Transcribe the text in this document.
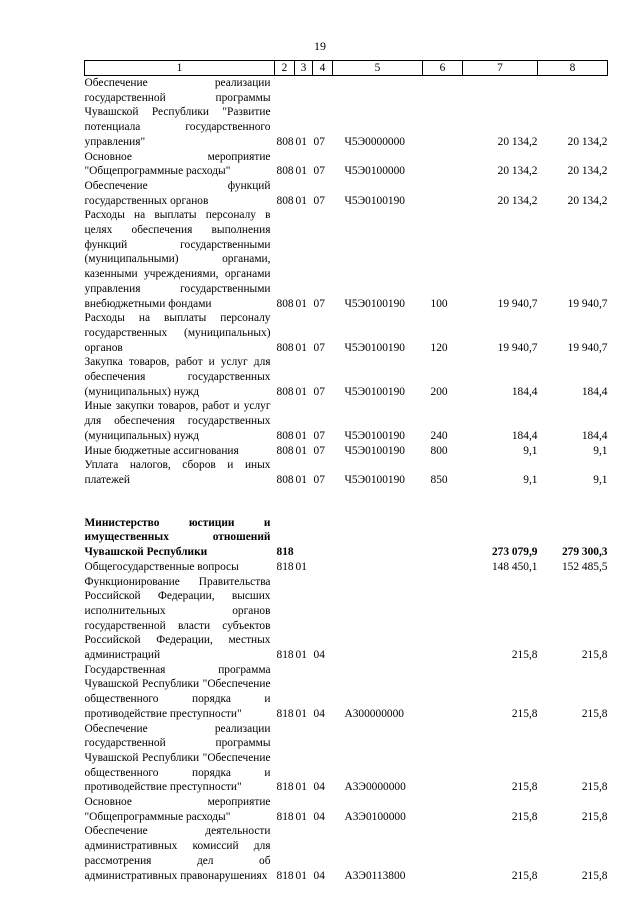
19
1	2	3	4	5	6	7	8
Обеспечение реализации государственной программы Чувашской Республики "Развитие потенциала государственного управления"	808	01	07	Ч5Э0000000		20 134,2	20 134,2
Основное мероприятие "Общепрограммные расходы"	808	01	07	Ч5Э0100000		20 134,2	20 134,2
Обеспечение функций государственных органов	808	01	07	Ч5Э0100190		20 134,2	20 134,2
Расходы на выплаты персоналу в целях обеспечения выполнения функций государственными (муниципальными) органами, казенными учреждениями, органами управления государственными внебюджетными фондами	808	01	07	Ч5Э0100190	100	19 940,7	19 940,7
Расходы на выплаты персоналу государственных (муниципальных) органов	808	01	07	Ч5Э0100190	120	19 940,7	19 940,7
Закупка товаров, работ и услуг для обеспечения государственных (муниципальных) нужд	808	01	07	Ч5Э0100190	200	184,4	184,4
Иные закупки товаров, работ и услуг для обеспечения государственных (муниципальных) нужд	808	01	07	Ч5Э0100190	240	184,4	184,4
Иные бюджетные ассигнования	808	01	07	Ч5Э0100190	800	9,1	9,1
Уплата налогов, сборов и иных платежей	808	01	07	Ч5Э0100190	850	9,1	9,1

Министерство юстиции и имущественных отношений Чувашской Республики	818					273 079,9	279 300,3
Общегосударственные вопросы	818	01				148 450,1	152 485,5
Функционирование Правительства Российской Федерации, высших исполнительных органов государственной власти субъектов Российской Федерации, местных администраций	818	01	04			215,8	215,8
Государственная программа Чувашской Республики "Обеспечение общественного порядка и противодействие преступности"	818	01	04	А300000000		215,8	215,8
Обеспечение реализации государственной программы Чувашской Республики "Обеспечение общественного порядка и противодействие преступности"	818	01	04	А3Э0000000		215,8	215,8
Основное мероприятие "Общепрограммные расходы"	818	01	04	А3Э0100000		215,8	215,8
Обеспечение деятельности административных комиссий для рассмотрения дел об административных правонарушениях	818	01	04	А3Э0113800		215,8	215,8
